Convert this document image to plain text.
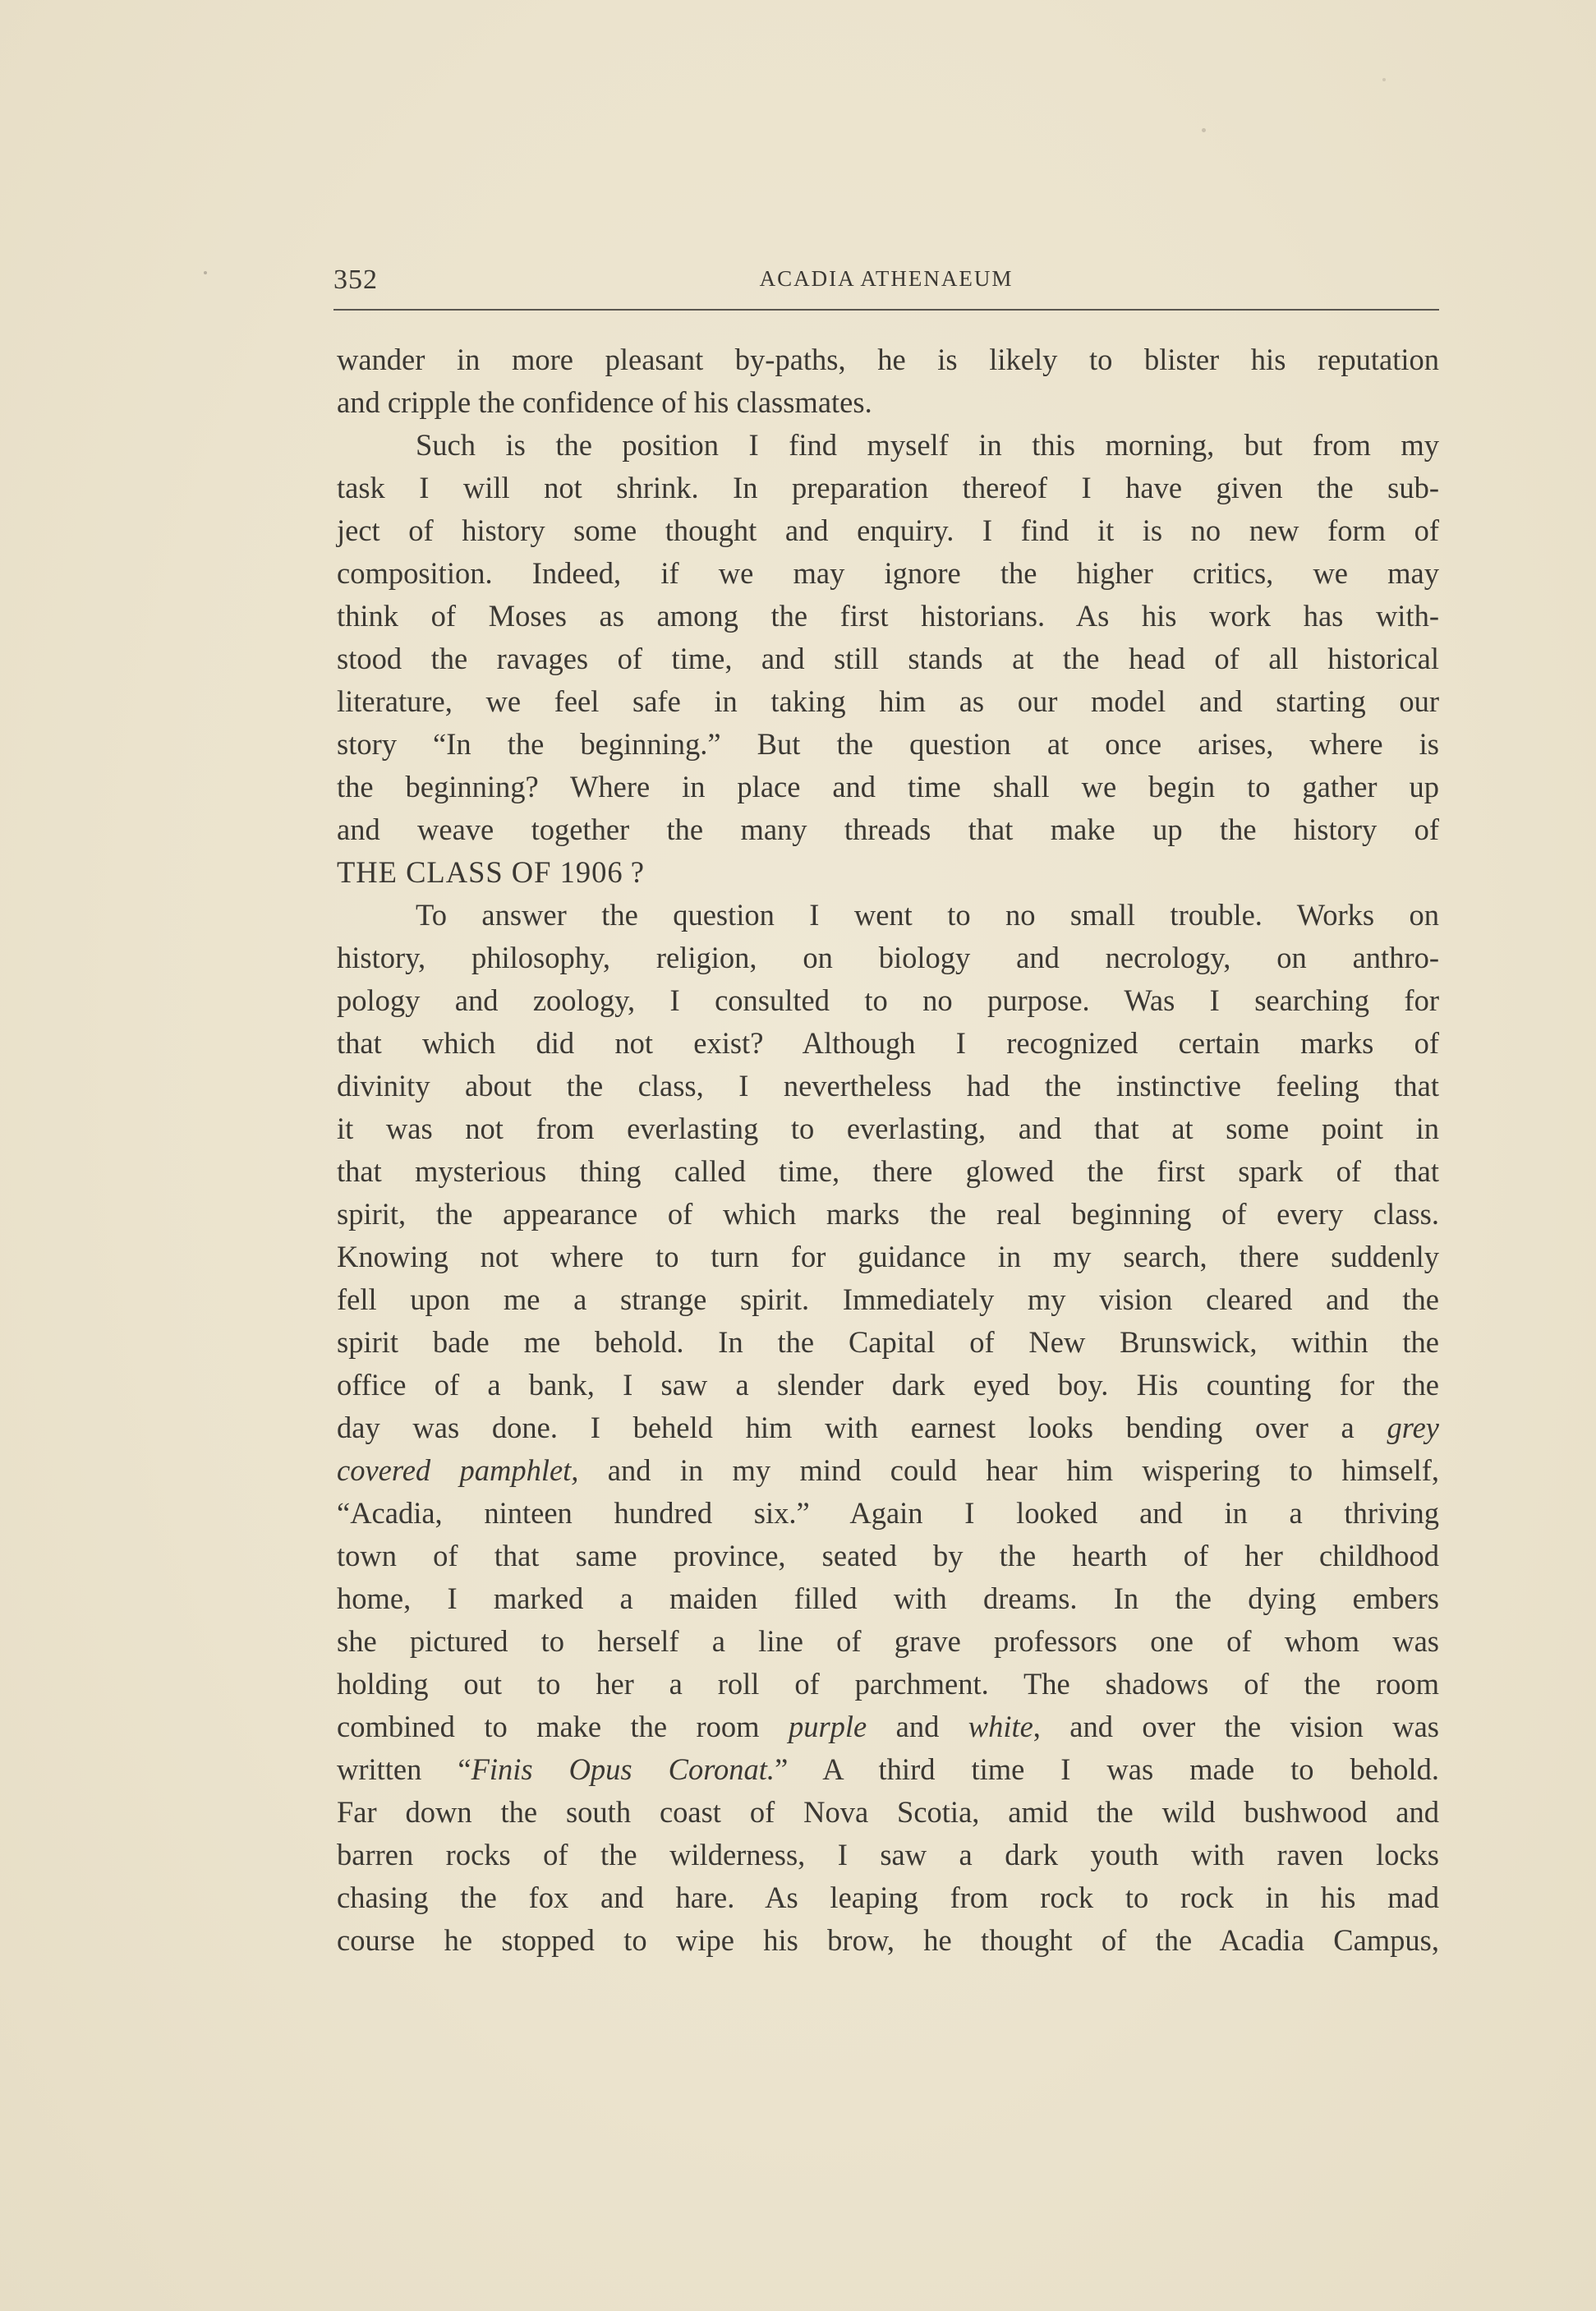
352	ACADIA ATHENAEUM
wander in more pleasant by-paths, he is likely to blister his reputation
and cripple the confidence of his classmates.
Such is the position I find myself in this morning, but from my
task I will not shrink. In preparation thereof I have given the sub-
ject of history some thought and enquiry. I find it is no new form of
composition. Indeed, if we may ignore the higher critics, we may
think of Moses as among the first historians. As his work has with-
stood the ravages of time, and still stands at the head of all historical
literature, we feel safe in taking him as our model and starting our
story “In the beginning.” But the question at once arises, where is
the beginning? Where in place and time shall we begin to gather up
and weave together the many threads that make up the history of
THE CLASS OF 1906 ?
To answer the question I went to no small trouble. Works on
history, philosophy, religion, on biology and necrology, on anthro-
pology and zoology, I consulted to no purpose. Was I searching for
that which did not exist? Although I recognized certain marks of
divinity about the class, I nevertheless had the instinctive feeling that
it was not from everlasting to everlasting, and that at some point in
that mysterious thing called time, there glowed the first spark of that
spirit, the appearance of which marks the real beginning of every class.
Knowing not where to turn for guidance in my search, there suddenly
fell upon me a strange spirit. Immediately my vision cleared and the
spirit bade me behold. In the Capital of New Brunswick, within the
office of a bank, I saw a slender dark eyed boy. His counting for the
day was done. I beheld him with earnest looks bending over a grey
covered pamphlet, and in my mind could hear him wispering to himself,
“Acadia, ninteen hundred six.” Again I looked and in a thriving
town of that same province, seated by the hearth of her childhood
home, I marked a maiden filled with dreams. In the dying embers
she pictured to herself a line of grave professors one of whom was
holding out to her a roll of parchment. The shadows of the room
combined to make the room purple and white, and over the vision was
written “Finis Opus Coronat.” A third time I was made to behold.
Far down the south coast of Nova Scotia, amid the wild bushwood and
barren rocks of the wilderness, I saw a dark youth with raven locks
chasing the fox and hare. As leaping from rock to rock in his mad
course he stopped to wipe his brow, he thought of the Acadia Campus,
